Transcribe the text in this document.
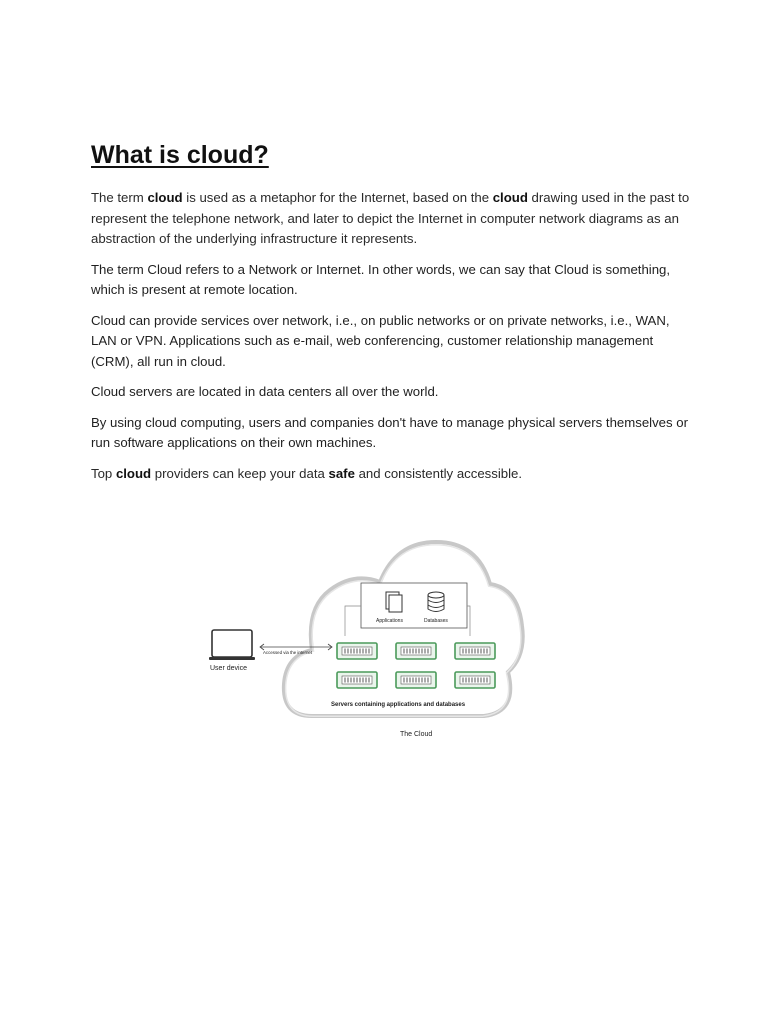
What is cloud?

The term cloud is used as a metaphor for the Internet, based on the cloud drawing used in the past to represent the telephone network, and later to depict the Internet in computer network diagrams as an abstraction of the underlying infrastructure it represents.

The term Cloud refers to a Network or Internet. In other words, we can say that Cloud is something, which is present at remote location.

Cloud can provide services over network, i.e., on public networks or on private networks, i.e., WAN, LAN or VPN. Applications such as e-mail, web conferencing, customer relationship management (CRM), all run in cloud.

Cloud servers are located in data centers all over the world.

By using cloud computing, users and companies don't have to manage physical servers themselves or run software applications on their own machines.

Top cloud providers can keep your data safe and consistently accessible.

User device
Accessed via the internet
Applications	Databases
Servers containing applications and databases
The Cloud
